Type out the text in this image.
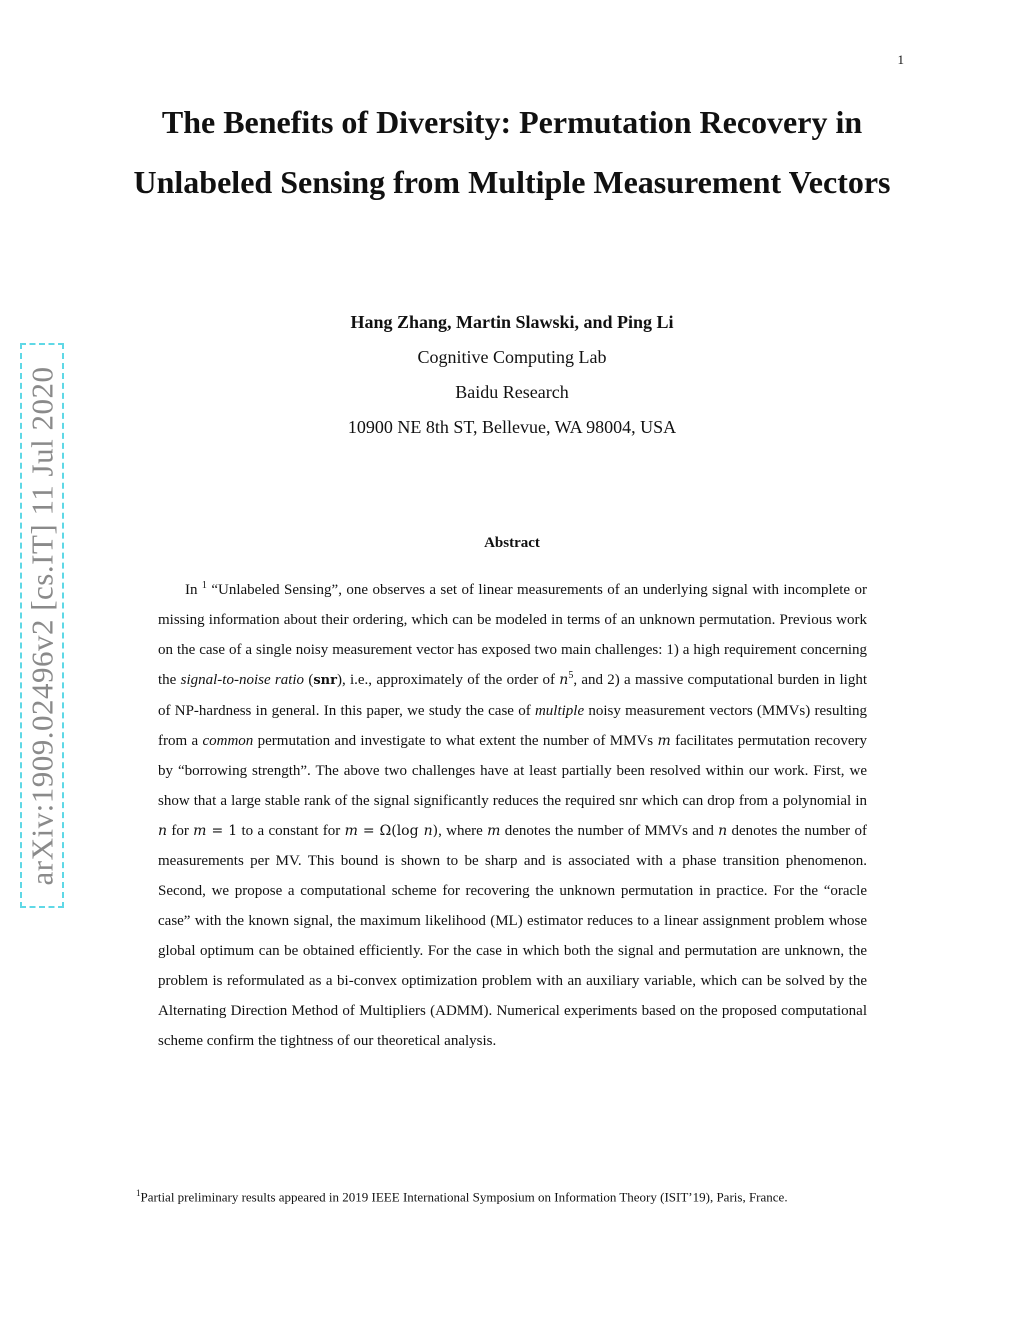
1
The Benefits of Diversity: Permutation Recovery in Unlabeled Sensing from Multiple Measurement Vectors
Hang Zhang, Martin Slawski, and Ping Li
Cognitive Computing Lab
Baidu Research
10900 NE 8th ST, Bellevue, WA 98004, USA
Abstract

In $^1$ “Unlabeled Sensing”, one observes a set of linear measurements of an underlying signal with incomplete or missing information about their ordering, which can be modeled in terms of an unknown permutation. Previous work on the case of a single noisy measurement vector has exposed two main challenges: 1) a high requirement concerning the signal-to-noise ratio (snr), i.e., approximately of the order of $n^5$, and 2) a massive computational burden in light of NP-hardness in general. In this paper, we study the case of multiple noisy measurement vectors (MMVs) resulting from a common permutation and investigate to what extent the number of MMVs m facilitates permutation recovery by “borrowing strength”. The above two challenges have at least partially been resolved within our work. First, we show that a large stable rank of the signal significantly reduces the required snr which can drop from a polynomial in n for m = 1 to a constant for m = Ω(log n), where m denotes the number of MMVs and n denotes the number of measurements per MV. This bound is shown to be sharp and is associated with a phase transition phenomenon. Second, we propose a computational scheme for recovering the unknown permutation in practice. For the “oracle case” with the known signal, the maximum likelihood (ML) estimator reduces to a linear assignment problem whose global optimum can be obtained efficiently. For the case in which both the signal and permutation are unknown, the problem is reformulated as a bi-convex optimization problem with an auxiliary variable, which can be solved by the Alternating Direction Method of Multipliers (ADMM). Numerical experiments based on the proposed computational scheme confirm the tightness of our theoretical analysis.

$^1$Partial preliminary results appeared in 2019 IEEE International Symposium on Information Theory (ISIT’19), Paris, France.
arXiv:1909.02496v2 [cs.IT] 11 Jul 2020
